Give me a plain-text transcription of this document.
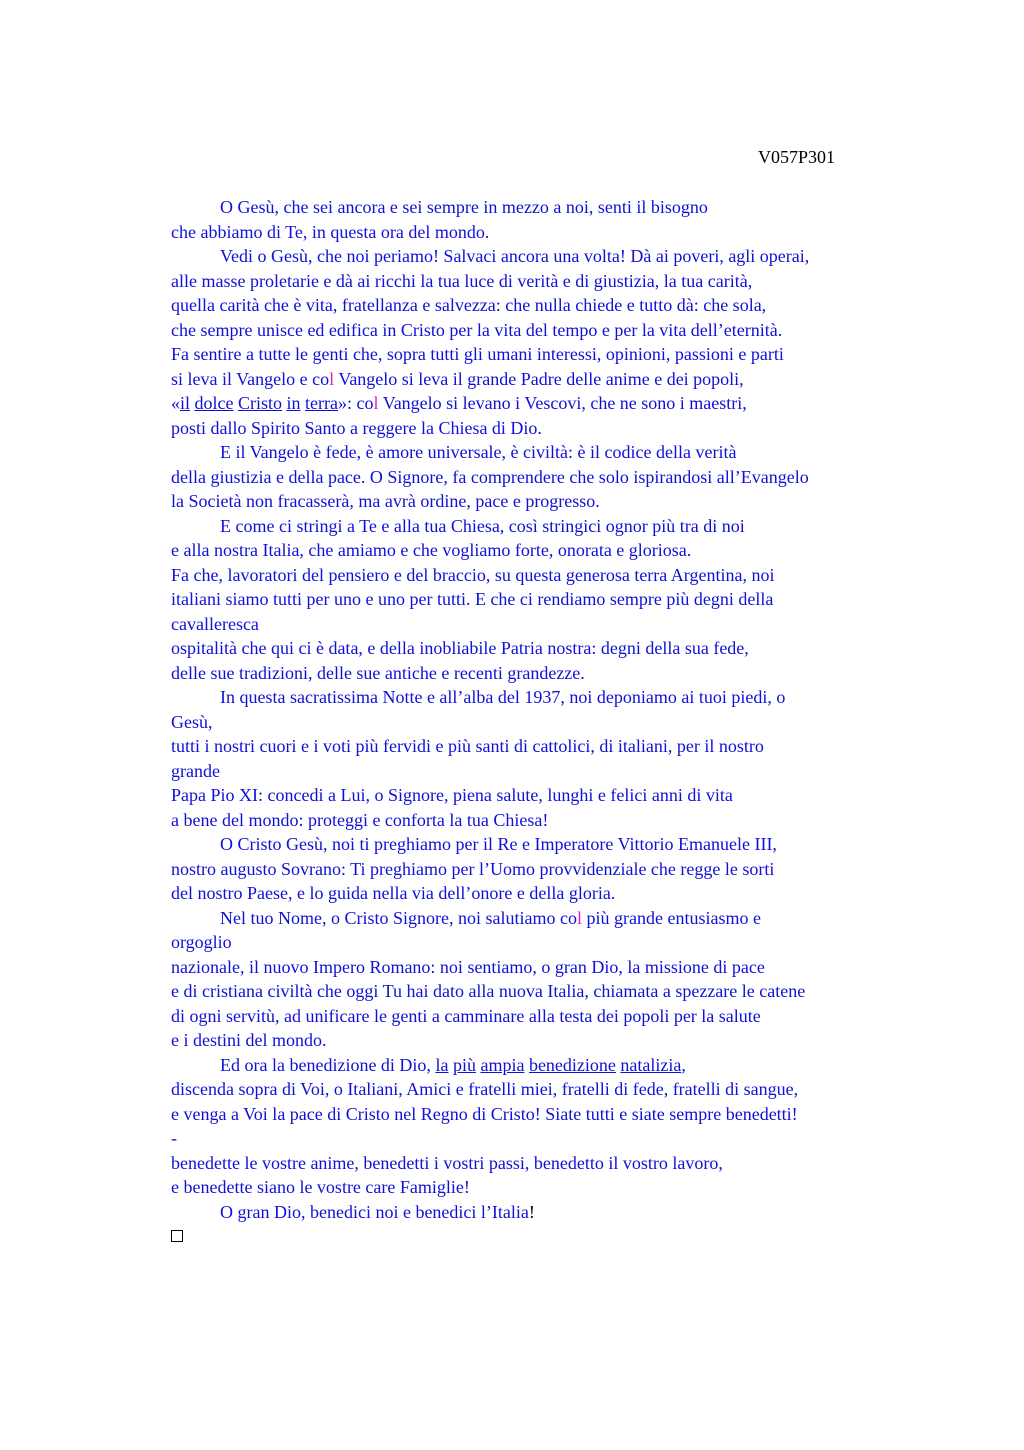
V057P301
O Gesù, che sei ancora e sei sempre in mezzo a noi, senti il bisogno
che abbiamo di Te, in questa ora del mondo.
Vedi o Gesù, che noi periamo! Salvaci ancora una volta! Dà ai poveri, agli operai,
alle masse proletarie e dà ai ricchi la tua luce di verità e di giustizia, la tua carità,
quella carità che è vita, fratellanza e salvezza: che nulla chiede e tutto dà: che sola,
che sempre unisce ed edifica in Cristo per la vita del tempo e per la vita dell’eternità.
Fa sentire a tutte le genti che, sopra tutti gli umani interessi, opinioni, passioni e parti
si leva il Vangelo e col Vangelo si leva il grande Padre delle anime e dei popoli,
«il dolce Cristo in terra»: col Vangelo si levano i Vescovi, che ne sono i maestri,
posti dallo Spirito Santo a reggere la Chiesa di Dio.
E il Vangelo è fede, è amore universale, è civiltà: è il codice della verità
della giustizia e della pace. O Signore, fa comprendere che solo ispirandosi all’Evangelo
la Società non fracasserà, ma avrà ordine, pace e progresso.
E come ci stringi a Te e alla tua Chiesa, così stringici ognor più tra di noi
e alla nostra Italia, che amiamo e che vogliamo forte, onorata e gloriosa.
Fa che, lavoratori del pensiero e del braccio, su questa generosa terra Argentina, noi
italiani siamo tutti per uno e uno per tutti. E che ci rendiamo sempre più degni della
cavalleresca
ospitalità che qui ci è data, e della inobliabile Patria nostra: degni della sua fede,
delle sue tradizioni, delle sue antiche e recenti grandezze.
In questa sacratissima Notte e all’alba del 1937, noi deponiamo ai tuoi piedi, o
Gesù,
tutti i nostri cuori e i voti più fervidi e più santi di cattolici, di italiani, per il nostro
grande
Papa Pio XI: concedi a Lui, o Signore, piena salute, lunghi e felici anni di vita
a bene del mondo: proteggi e conforta la tua Chiesa!
O Cristo Gesù, noi ti preghiamo per il Re e Imperatore Vittorio Emanuele III,
nostro augusto Sovrano: Ti preghiamo per l’Uomo provvidenziale che regge le sorti
del nostro Paese, e lo guida nella via dell’onore e della gloria.
Nel tuo Nome, o Cristo Signore, noi salutiamo col più grande entusiasmo e
orgoglio
nazionale, il nuovo Impero Romano: noi sentiamo, o gran Dio, la missione di pace
e di cristiana civiltà che oggi Tu hai dato alla nuova Italia, chiamata a spezzare le catene
di ogni servitù, ad unificare le genti a camminare alla testa dei popoli per la salute
e i destini del mondo.
Ed ora la benedizione di Dio, la più ampia benedizione natalizia,
discenda sopra di Voi, o Italiani, Amici e fratelli miei, fratelli di fede, fratelli di sangue,
e venga a Voi la pace di Cristo nel Regno di Cristo! Siate tutti e siate sempre benedetti!
-
benedette le vostre anime, benedetti i vostri passi, benedetto il vostro lavoro,
e benedette siano le vostre care Famiglie!
O gran Dio, benedici noi e benedici l’Italia!
